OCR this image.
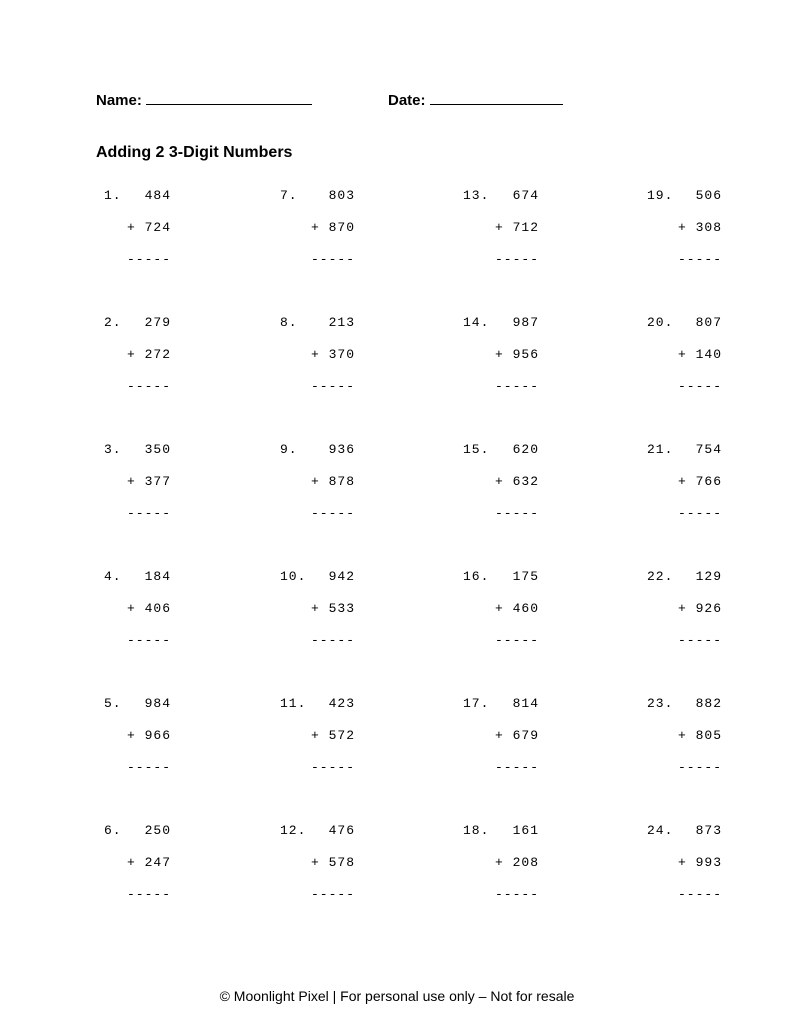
Name:	Date:
Adding 2 3-Digit Numbers
1. 484
+ 724
-----
2. 279
+ 272
-----
3. 350
+ 377
-----
4. 184
+ 406
-----
5. 984
+ 966
-----
6. 250
+ 247
-----
7. 803
+ 870
-----
8. 213
+ 370
-----
9. 936
+ 878
-----
10. 942
+ 533
-----
11. 423
+ 572
-----
12. 476
+ 578
-----
13. 674
+ 712
-----
14. 987
+ 956
-----
15. 620
+ 632
-----
16. 175
+ 460
-----
17. 814
+ 679
-----
18. 161
+ 208
-----
19. 506
+ 308
-----
20. 807
+ 140
-----
21. 754
+ 766
-----
22. 129
+ 926
-----
23. 882
+ 805
-----
24. 873
+ 993
-----
© Moonlight Pixel | For personal use only – Not for resale
